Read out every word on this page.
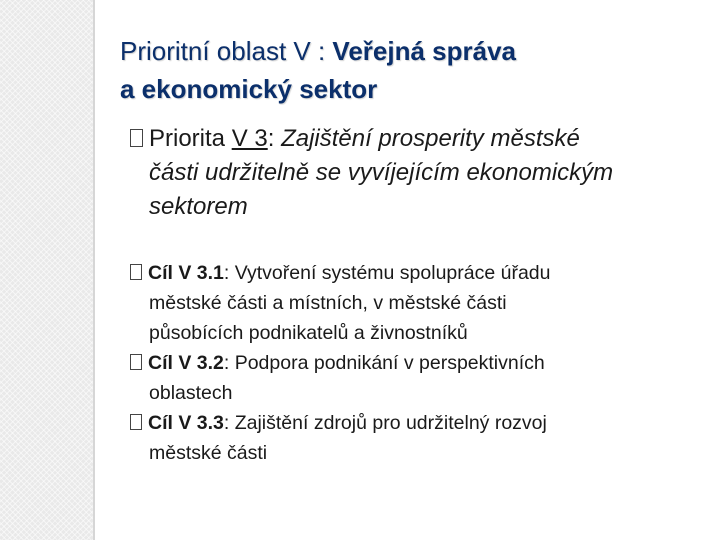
Prioritní oblast V : Veřejná správa
a ekonomický sektor
Priorita V 3: Zajištění prosperity městské
části udržitelně se vyvíjejícím ekonomickým
sektorem
Cíl V 3.1: Vytvoření systému spolupráce úřadu
městské části a místních, v městské části
působících podnikatelů a živnostníků
Cíl V 3.2: Podpora podnikání v perspektivních
oblastech
Cíl V 3.3: Zajištění zdrojů pro udržitelný rozvoj
městské části
